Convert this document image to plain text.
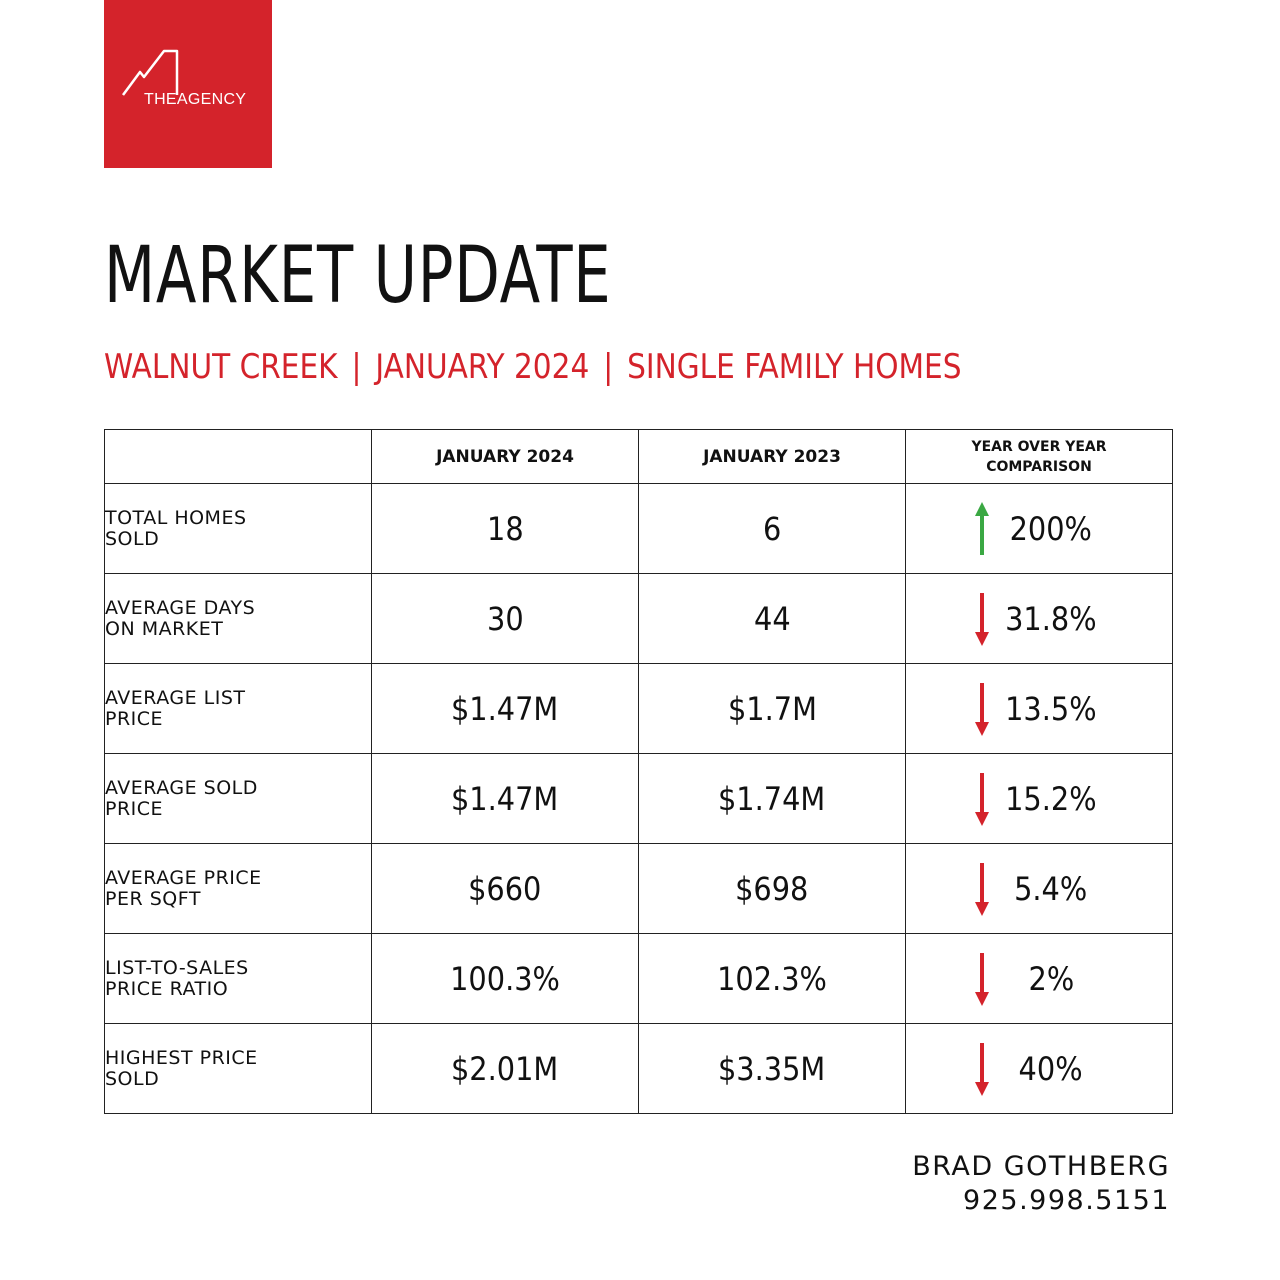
THEAGENCY
MARKET UPDATE
WALNUT CREEK | JANUARY 2024 | SINGLE FAMILY HOMES
	JANUARY 2024	JANUARY 2023	YEAR OVER YEAR
COMPARISON

TOTAL HOMES
SOLD	18	6	200%

AVERAGE DAYS
ON MARKET	30	44	31.8%

AVERAGE LIST
PRICE	$1.47M	$1.7M	13.5%

AVERAGE SOLD
PRICE	$1.47M	$1.74M	15.2%

AVERAGE PRICE
PER SQFT	$660	$698	5.4%

LIST-TO-SALES
PRICE RATIO	100.3%	102.3%	2%

HIGHEST PRICE
SOLD	$2.01M	$3.35M	40%
BRAD GOTHBERG
925.998.5151
